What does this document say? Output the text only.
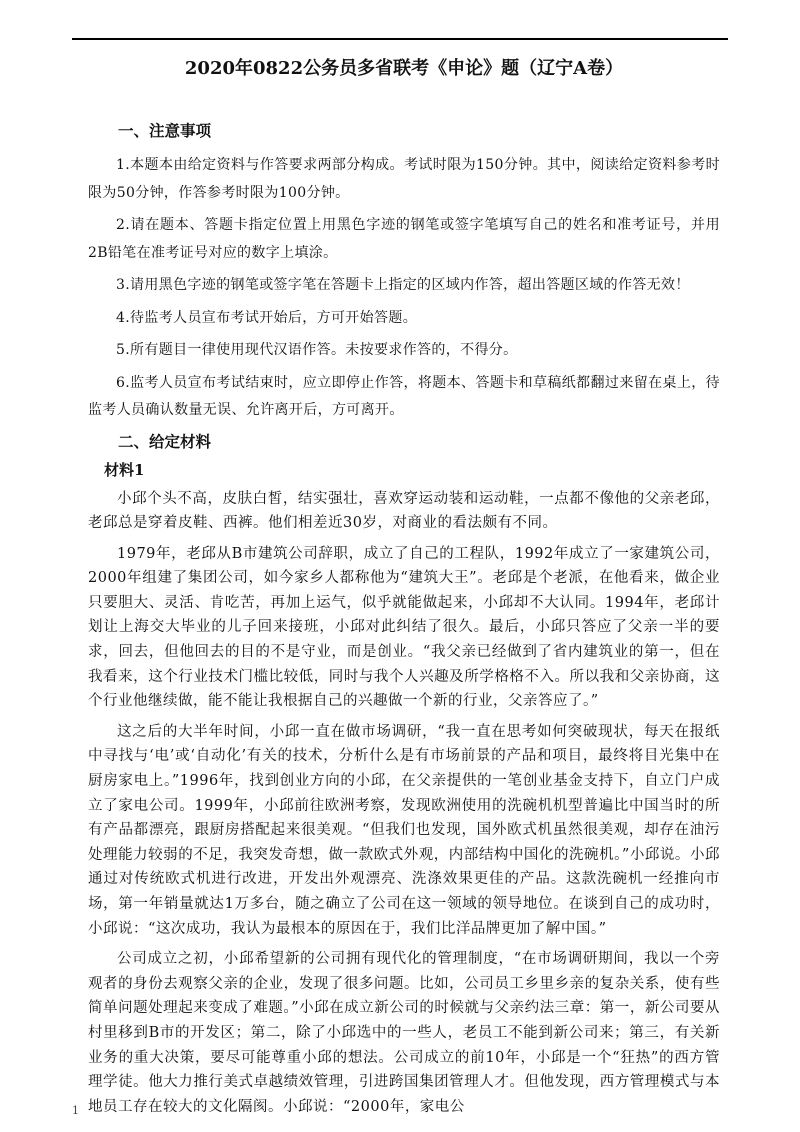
2020年0822公务员多省联考《申论》题（辽宁A卷）
一、注意事项

1.本题本由给定资料与作答要求两部分构成。考试时限为150分钟。其中，阅读给定资料参考时限为50分钟，作答参考时限为100分钟。

2.请在题本、答题卡指定位置上用黑色字迹的钢笔或签字笔填写自己的姓名和准考证号，并用2B铅笔在准考证号对应的数字上填涂。

3.请用黑色字迹的钢笔或签字笔在答题卡上指定的区域内作答，超出答题区域的作答无效！

4.待监考人员宣布考试开始后，方可开始答题。

5.所有题目一律使用现代汉语作答。未按要求作答的，不得分。

6.监考人员宣布考试结束时，应立即停止作答，将题本、答题卡和草稿纸都翻过来留在桌上，待监考人员确认数量无误、允许离开后，方可离开。

二、给定材料
材料1

小邱个头不高，皮肤白皙，结实强壮，喜欢穿运动装和运动鞋，一点都不像他的父亲老邱，老邱总是穿着皮鞋、西裤。他们相差近30岁，对商业的看法颇有不同。

1979年，老邱从B市建筑公司辞职，成立了自己的工程队，1992年成立了一家建筑公司，2000年组建了集团公司，如今家乡人都称他为“建筑大王”。老邱是个老派，在他看来，做企业只要胆大、灵活、肯吃苦，再加上运气，似乎就能做起来，小邱却不大认同。1994年，老邱计划让上海交大毕业的儿子回来接班，小邱对此纠结了很久。最后，小邱只答应了父亲一半的要求，回去，但他回去的目的不是守业，而是创业。“我父亲已经做到了省内建筑业的第一，但在我看来，这个行业技术门槛比较低，同时与我个人兴趣及所学格格不入。所以我和父亲协商，这个行业他继续做，能不能让我根据自己的兴趣做一个新的行业，父亲答应了。”

这之后的大半年时间，小邱一直在做市场调研，“我一直在思考如何突破现状，每天在报纸中寻找与‘电’或‘自动化’有关的技术，分析什么是有市场前景的产品和项目，最终将目光集中在厨房家电上。”1996年，找到创业方向的小邱，在父亲提供的一笔创业基金支持下，自立门户成立了家电公司。1999年，小邱前往欧洲考察，发现欧洲使用的洗碗机机型普遍比中国当时的所有产品都漂亮，跟厨房搭配起来很美观。“但我们也发现，国外欧式机虽然很美观，却存在油污处理能力较弱的不足，我突发奇想，做一款欧式外观，内部结构中国化的洗碗机。”小邱说。小邱通过对传统欧式机进行改进，开发出外观漂亮、洗涤效果更佳的产品。这款洗碗机一经推向市场，第一年销量就达1万多台，随之确立了公司在这一领域的领导地位。在谈到自己的成功时，小邱说：“这次成功，我认为最根本的原因在于，我们比洋品牌更加了解中国。”

公司成立之初，小邱希望新的公司拥有现代化的管理制度，“在市场调研期间，我以一个旁观者的身份去观察父亲的企业，发现了很多问题。比如，公司员工乡里乡亲的复杂关系，使有些简单问题处理起来变成了难题。”小邱在成立新公司的时候就与父亲约法三章：第一，新公司要从村里移到B市的开发区；第二，除了小邱选中的一些人，老员工不能到新公司来；第三，有关新业务的重大决策，要尽可能尊重小邱的想法。公司成立的前10年，小邱是一个“狂热”的西方管理学徒。他大力推行美式卓越绩效管理，引进跨国集团管理人才。但他发现，西方管理模式与本地员工存在较大的文化隔阂。小邱说：“2000年，家电公

1
